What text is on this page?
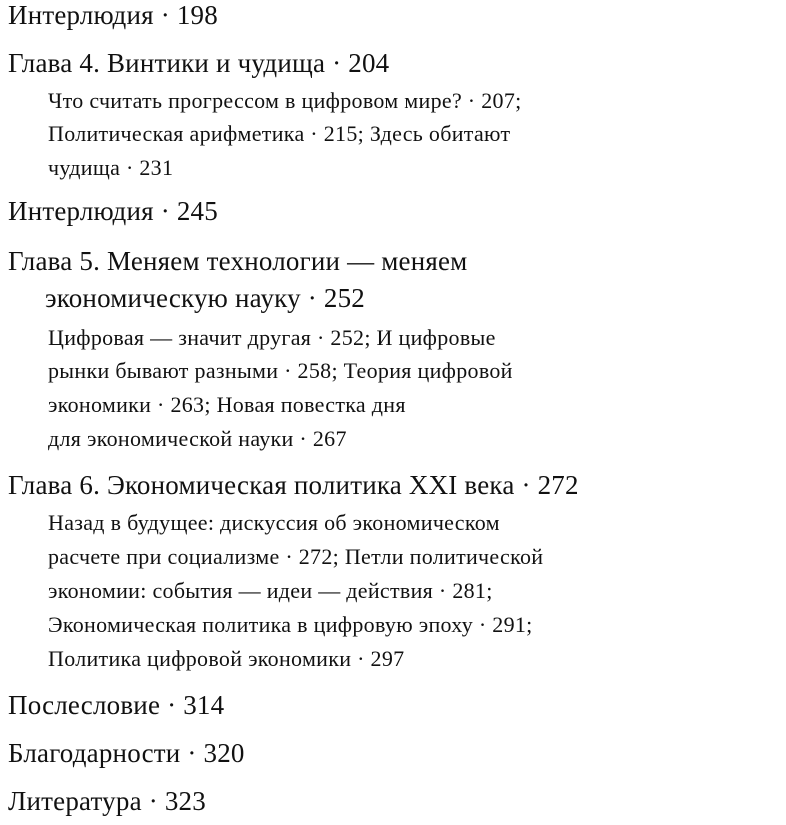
Интерлюдия · 198
Глава 4. Винтики и чудища · 204
Что считать прогрессом в цифровом мире? · 207;
Политическая арифметика · 215; Здесь обитают
чудища · 231
Интерлюдия · 245
Глава 5. Меняем технологии — меняем
экономическую науку · 252
Цифровая — значит другая · 252; И цифровые
рынки бывают разными · 258; Теория цифровой
экономики · 263; Новая повестка дня
для экономической науки · 267
Глава 6. Экономическая политика XXI века · 272
Назад в будущее: дискуссия об экономическом
расчете при социализме · 272; Петли политической
экономии: события — идеи — действия · 281;
Экономическая политика в цифровую эпоху · 291;
Политика цифровой экономики · 297
Послесловие · 314
Благодарности · 320
Литература · 323
